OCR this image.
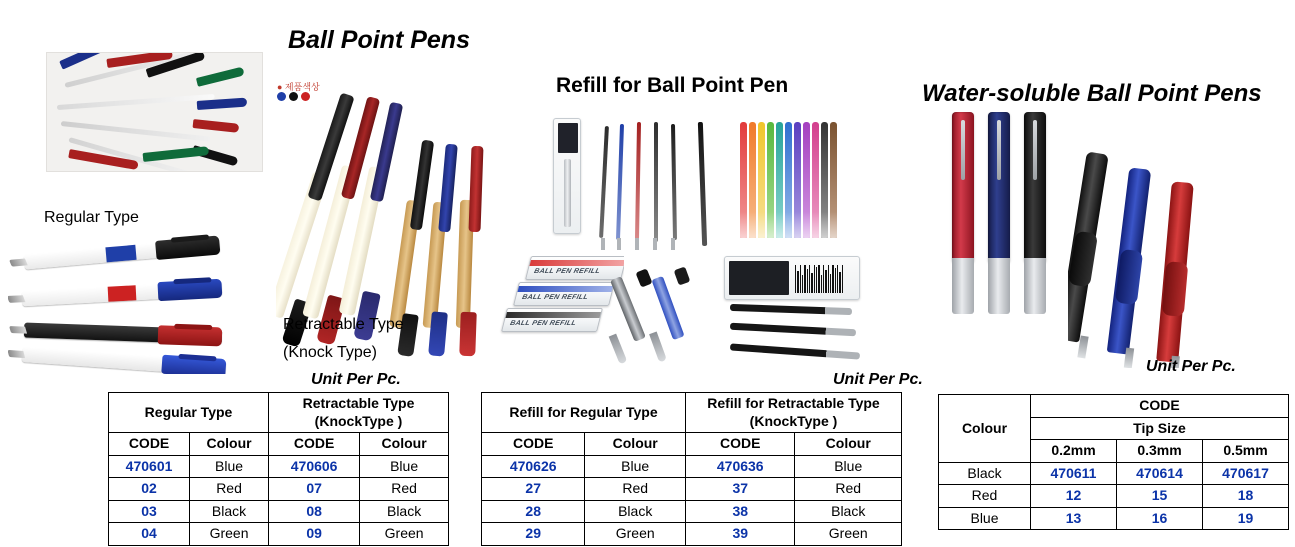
Ball Point Pens
Refill for Ball Point Pen	Water-soluble Ball Point Pens
● 제품색상
Regular Type
Retractable Type
(Knock Type)
Unit Per Pc.
BALL PEN REFILL
BALL PEN REFILL
BALL PEN REFILL
Unit Per Pc.
Unit Per Pc.
Regular Type		Retractable Type
(KnockType )	

CODE	Colour	CODE	Colour
470601	Blue	470606	Blue
02	Red	07	Red
03	Black	08	Black
04	Green	09	Green
Refill for Regular Type		Refill for Retractable Type
(KnockType )	

CODE	Colour	CODE	Colour
470626	Blue	470636	Blue
27	Red	37	Red
28	Black	38	Black
29	Green	39	Green
Colour	CODE		
	Tip Size		
	0.2mm	0.3mm	0.5mm
Black	470611	470614	470617
Red	12	15	18
Blue	13	16	19
